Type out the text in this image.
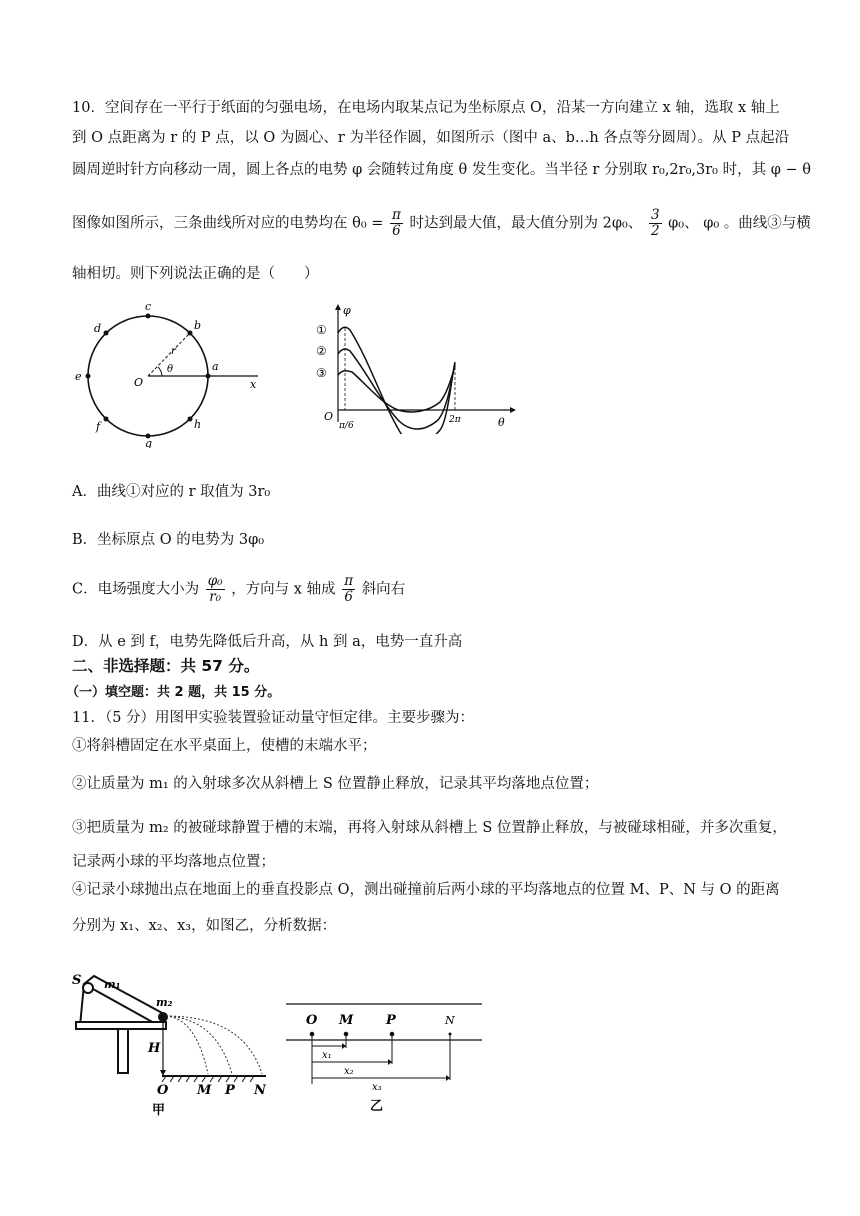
10．空间存在一平行于纸面的匀强电场，在电场内取某点记为坐标原点 O，沿某一方向建立 x 轴，选取 x 轴上
到 O 点距离为 r 的 P 点，以 O 为圆心、r 为半径作圆，如图所示（图中 a、b…h 各点等分圆周）。从 P 点起沿
圆周逆时针方向移动一周，圆上各点的电势 φ 会随转过角度 θ 发生变化。当半径 r 分别取 r₀,2r₀,3r₀ 时，其 φ − θ
图像如图所示，三条曲线所对应的电势均在 $\theta_0 = \frac{\pi}{6}$ 时达到最大值，最大值分别为 2φ₀、 $\frac{3}{2} \varphi_0$、 φ₀ 。曲线③与横
轴相切。则下列说法正确的是（　　）
a
b
c
d
e
f
g
h
O	x
r
θ
①
②
③
φ
θ
O
π/6
2π
A．曲线①对应的 r 取值为 3r₀
B．坐标原点 O 的电势为 3φ₀
C．电场强度大小为 $\frac{\text{φ₀}}{\text{r₀}}$ ，方向与 x 轴成 $\frac{\pi}{6}$ 斜向右
D．从 e 到 f，电势先降低后升高，从 h 到 a，电势一直升高
二、非选择题：共 57 分。
（一）填空题：共 2 题，共 15 分。
11．（5 分）用图甲实验装置验证动量守恒定律。主要步骤为：
①将斜槽固定在水平桌面上，使槽的末端水平；
②让质量为 m₁ 的入射球多次从斜槽上 S 位置静止释放，记录其平均落地点位置；
③把质量为 m₂ 的被碰球静置于槽的末端，再将入射球从斜槽上 S 位置静止释放，与被碰球相碰，并多次重复，
记录两小球的平均落地点位置；
④记录小球抛出点在地面上的垂直投影点 O，测出碰撞前后两小球的平均落地点的位置 M、P、N 与 O 的距离
分别为 x₁、x₂、x₃，如图乙，分析数据：
S m₁
m₂
H
O M P N
甲
O M	P	N
x₁
x₂
x₃
乙
